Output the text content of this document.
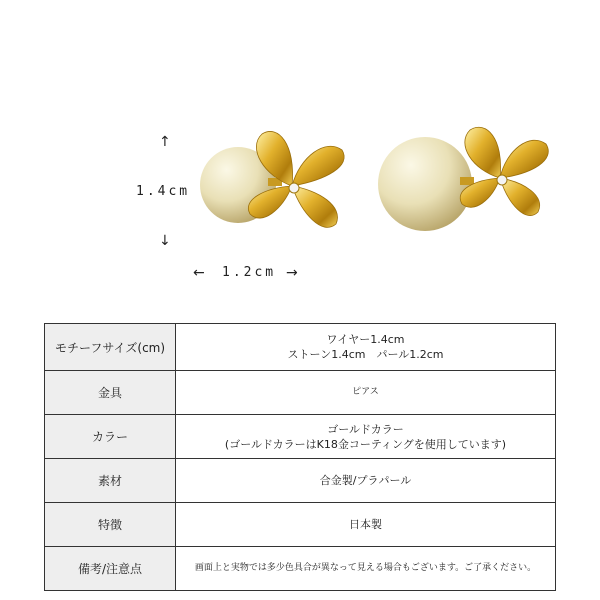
↑
1.4cm
↓
← 1.2cm →
モチーフサイズ(cm)	ワイヤー1.4cm
ストーン1.4cm　パール1.2cm

金具	ピアス

カラー	ゴールドカラー
(ゴールドカラーはK18金コーティングを使用しています)

素材	合金製/プラパール

特徴	日本製

備考/注意点	画面上と実物では多少色具合が異なって見える場合もございます。ご了承ください。
